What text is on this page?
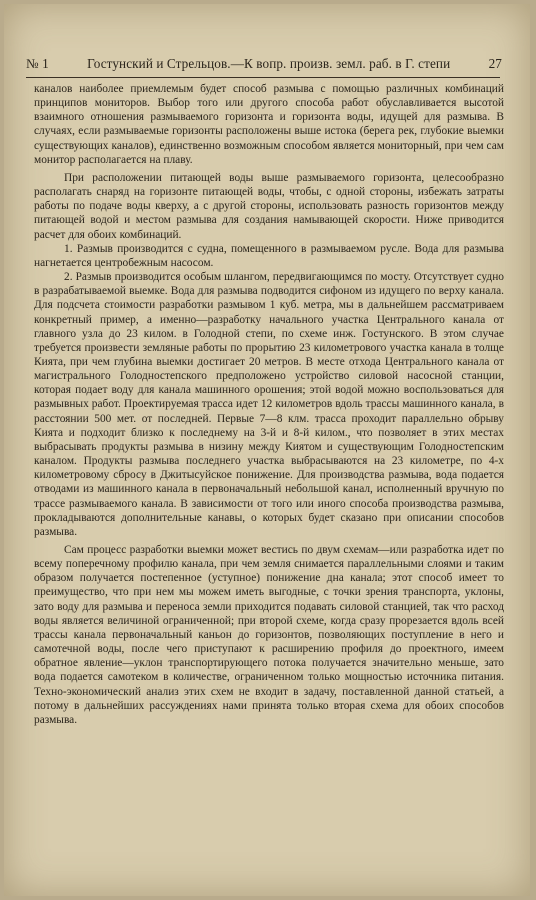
№ 1	Гостунский и Стрельцов.—К вопр. произв. земл. раб. в Г. степи	27

каналов наиболее приемлемым будет способ размыва с помощью различных комбинаций принципов мониторов. Выбор того или другого способа работ обуславливается высотой взаимного отношения размываемого горизонта и горизонта воды, идущей для размыва. В случаях, если размываемые горизонты расположены выше истока (берега рек, глубокие выемки существующих каналов), единственно возможным способом является мониторный, при чем сам монитор располагается на плаву.

При расположении питающей воды выше размываемого горизонта, целесообразно располагать снаряд на горизонте питающей воды, чтобы, с одной стороны, избежать затраты работы по подаче воды кверху, а с другой стороны, использовать разность горизонтов между питающей водой и местом размыва для создания намывающей скорости. Ниже приводится расчет для обоих комбинаций.

1. Размыв производится с судна, помещенного в размываемом русле. Вода для размыва нагнетается центробежным насосом.

2. Размыв производится особым шлангом, передвигающимся по мосту. Отсутствует судно в разрабатываемой выемке. Вода для размыва подводится сифоном из идущего по верху канала. Для подсчета стоимости разработки размывом 1 куб. метра, мы в дальнейшем рассматриваем конкретный пример, а именно—разработку начального участка Центрального канала от главного узла до 23 килом. в Голодной степи, по схеме инж. Гостунского. В этом случае требуется произвести земляные работы по прорытию 23 километрового участка канала в толще Кията, при чем глубина выемки достигает 20 метров. В месте отхода Центрального канала от магистрального Голодностепского предположено устройство силовой насосной станции, которая подает воду для канала машинного орошения; этой водой можно воспользоваться для размывных работ. Проектируемая трасса идет 12 километров вдоль трассы машинного канала, в расстоянии 500 мет. от последней. Первые 7—8 клм. трасса проходит параллельно обрыву Кията и подходит близко к последнему на 3-й и 8-й килом., что позволяет в этих местах выбрасывать продукты размыва в низину между Киятом и существующим Голодностепским каналом. Продукты размыва последнего участка выбрасываются на 23 километре, по 4-х километровому сбросу в Джитысуйское понижение. Для производства размыва, вода подается отводами из машинного канала в первоначальный небольшой канал, исполненный вручную по трассе размываемого канала. В зависимости от того или иного способа производства размыва, прокладываются дополнительные канавы, о которых будет сказано при описании способов размыва.

Сам процесс разработки выемки может вестись по двум схемам—или разработка идет по всему поперечному профилю канала, при чем земля снимается параллельными слоями и таким образом получается постепенное (уступное) понижение дна канала; этот способ имеет то преимущество, что при нем мы можем иметь выгодные, с точки зрения транспорта, уклоны, зато воду для размыва и переноса земли приходится подавать силовой станцией, так что расход воды является величиной ограниченной; при второй схеме, когда сразу прорезается вдоль всей трассы канала первоначальный каньон до горизонтов, позволяющих поступление в него и самотечной воды, после чего приступают к расширению профиля до проектного, имеем обратное явление—уклон транспортирующего потока получается значительно меньше, зато вода подается самотеком в количестве, ограниченном только мощностью источника питания. Техно-экономический анализ этих схем не входит в задачу, поставленной данной статьей, а потому в дальнейших рассуждениях нами принята только вторая схема для обоих способов размыва.
